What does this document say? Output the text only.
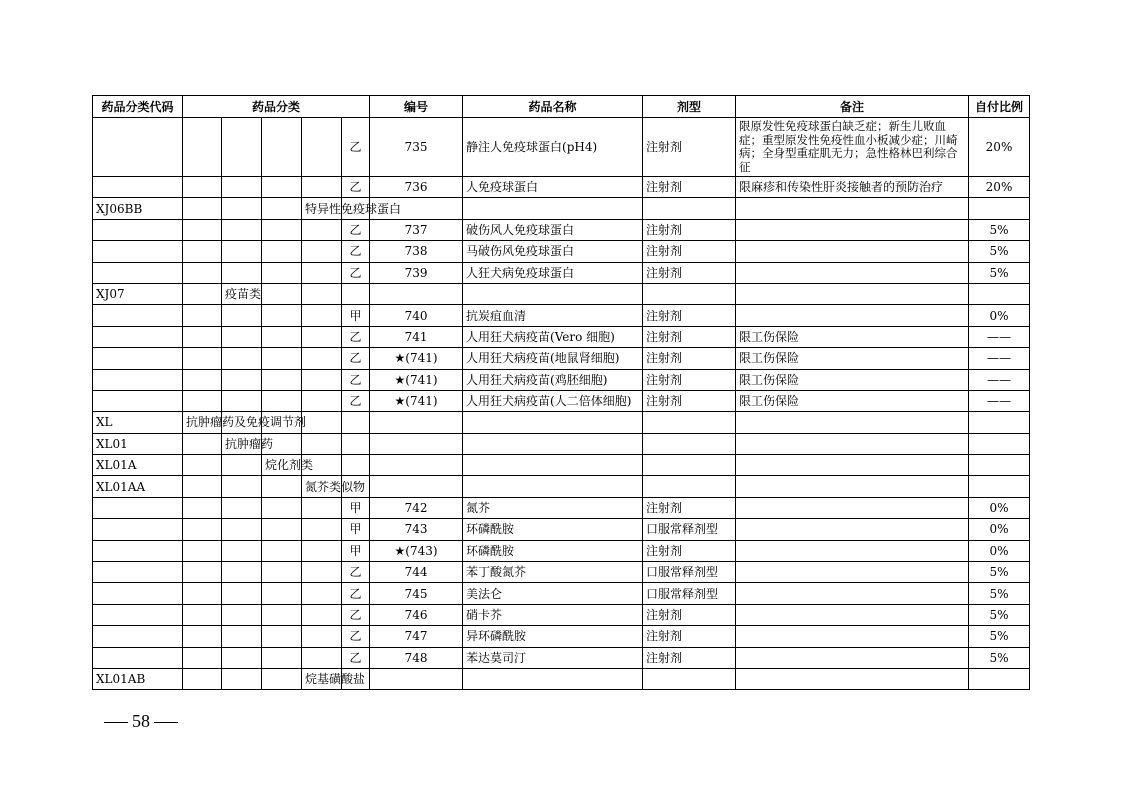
药品分类代码	药品分类					编号	药品名称	剂型	备注	自付比例
					乙	735	静注人免疫球蛋白(pH4)	注射剂	限原发性免疫球蛋白缺乏症；新生儿败血症；重型原发性免疫性血小板减少症；川崎病；全身型重症肌无力；急性格林巴利综合征	20%
					乙	736	人免疫球蛋白	注射剂	限麻疹和传染性肝炎接触者的预防治疗	20%
XJ06BB				特异性免疫球蛋白						
					乙	737	破伤风人免疫球蛋白	注射剂		5%
					乙	738	马破伤风免疫球蛋白	注射剂		5%
					乙	739	人狂犬病免疫球蛋白	注射剂		5%
XJ07		疫苗类								
					甲	740	抗炭疽血清	注射剂		0%
					乙	741	人用狂犬病疫苗(Vero 细胞)	注射剂	限工伤保险	——
					乙	★(741)	人用狂犬病疫苗(地鼠肾细胞)	注射剂	限工伤保险	——
					乙	★(741)	人用狂犬病疫苗(鸡胚细胞)	注射剂	限工伤保险	——
					乙	★(741)	人用狂犬病疫苗(人二倍体细胞)	注射剂	限工伤保险	——
XL	抗肿瘤药及免疫调节剂									
XL01		抗肿瘤药								
XL01A			烷化剂类							
XL01AA				氮芥类似物						
					甲	742	氮芥	注射剂		0%
					甲	743	环磷酰胺	口服常释剂型		0%
					甲	★(743)	环磷酰胺	注射剂		0%
					乙	744	苯丁酸氮芥	口服常释剂型		5%
					乙	745	美法仑	口服常释剂型		5%
					乙	746	硝卡芥	注射剂		5%
					乙	747	异环磷酰胺	注射剂		5%
					乙	748	苯达莫司汀	注射剂		5%
XL01AB				烷基磺酸盐						
58
